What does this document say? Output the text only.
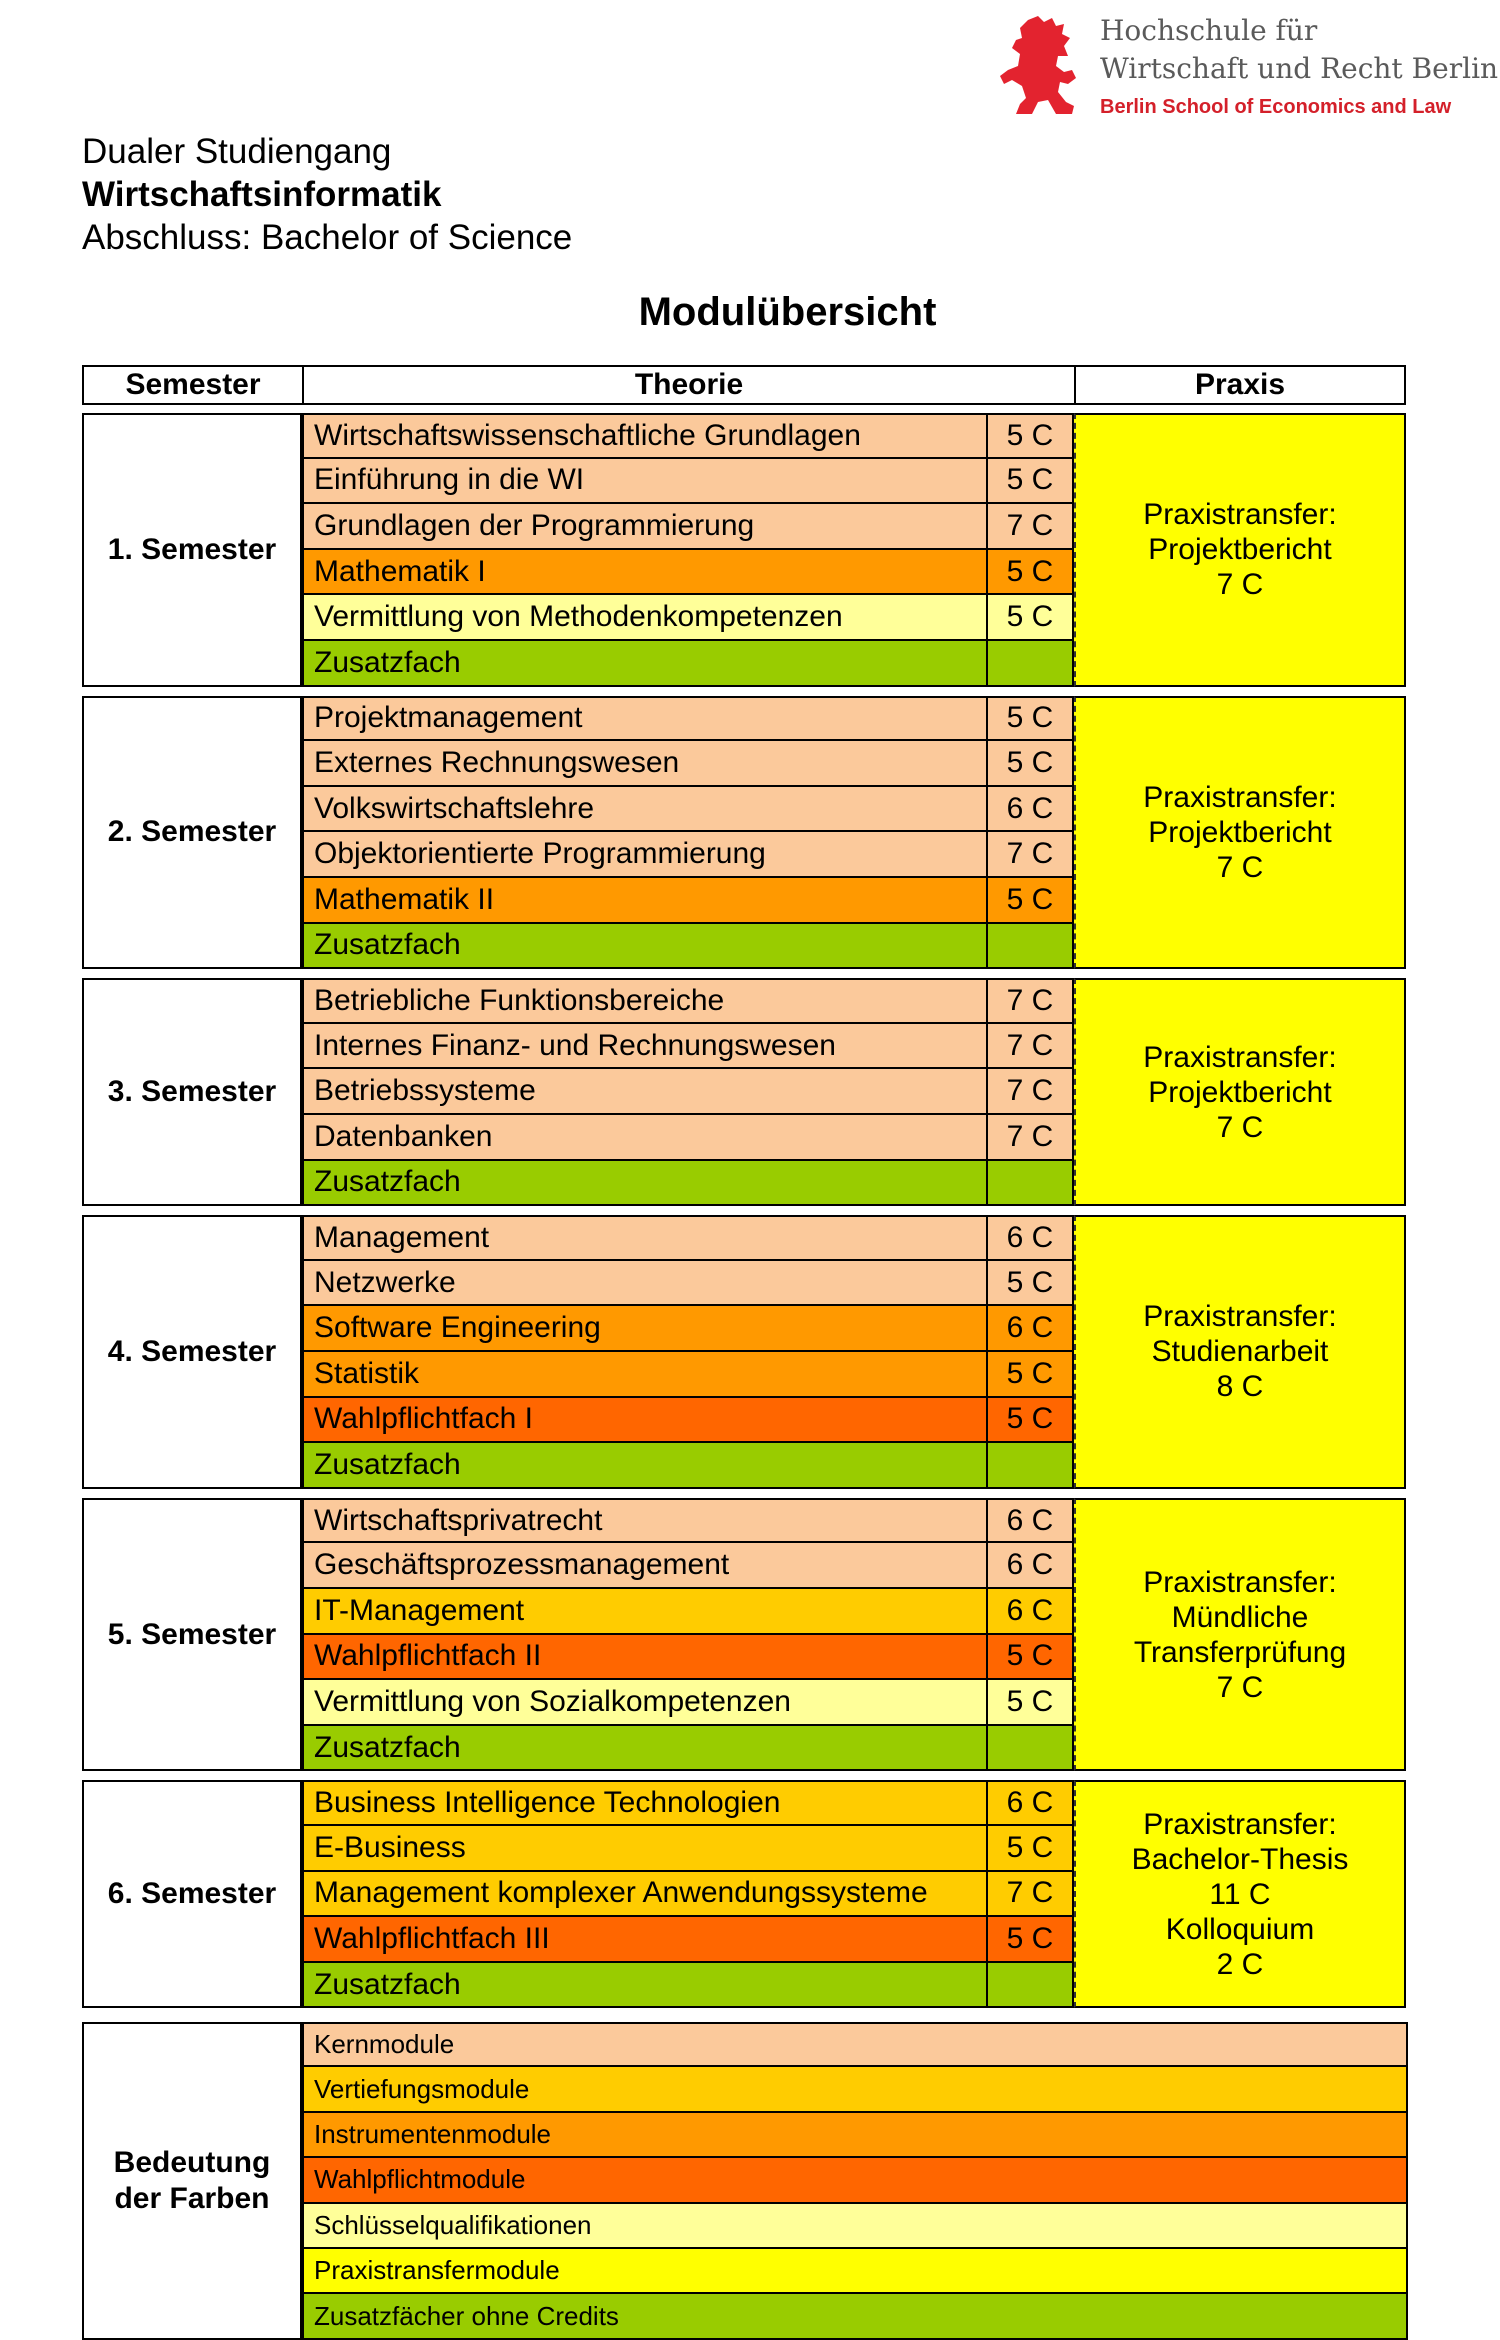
Hochschule für
Wirtschaft und Recht Berlin
Berlin School of Economics and Law
Dualer Studiengang
Wirtschaftsinformatik
Abschluss: Bachelor of Science
Modulübersicht
Semester	Theorie	Praxis
1. Semester
Wirtschaftswissenschaftliche Grundlagen	5 C
Einführung in die WI	5 C
Grundlagen der Programmierung	7 C
Mathematik I	5 C
Vermittlung von Methodenkompetenzen	5 C
Zusatzfach
Praxistransfer:
Projektbericht
7 C
2. Semester
Projektmanagement	5 C
Externes Rechnungswesen	5 C
Volkswirtschaftslehre	6 C
Objektorientierte Programmierung	7 C
Mathematik II	5 C
Zusatzfach
Praxistransfer:
Projektbericht
7 C
3. Semester
Betriebliche Funktionsbereiche	7 C
Internes Finanz- und Rechnungswesen	7 C
Betriebssysteme	7 C
Datenbanken	7 C
Zusatzfach
Praxistransfer:
Projektbericht
7 C
4. Semester
Management	6 C
Netzwerke	5 C
Software Engineering	6 C
Statistik	5 C
Wahlpflichtfach I	5 C
Zusatzfach
Praxistransfer:
Studienarbeit
8 C
5. Semester
Wirtschaftsprivatrecht	6 C
Geschäftsprozessmanagement	6 C
IT-Management	6 C
Wahlpflichtfach II	5 C
Vermittlung von Sozialkompetenzen	5 C
Zusatzfach
Praxistransfer:
Mündliche
Transferprüfung
7 C
6. Semester
Business Intelligence Technologien	6 C
E-Business	5 C
Management komplexer Anwendungssysteme	7 C
Wahlpflichtfach III	5 C
Zusatzfach
Praxistransfer:
Bachelor-Thesis
11 C
Kolloquium
2 C
Bedeutung
der Farben
Kernmodule
Vertiefungsmodule
Instrumentenmodule
Wahlpflichtmodule
Schlüsselqualifikationen
Praxistransfermodule
Zusatzfächer ohne Credits
